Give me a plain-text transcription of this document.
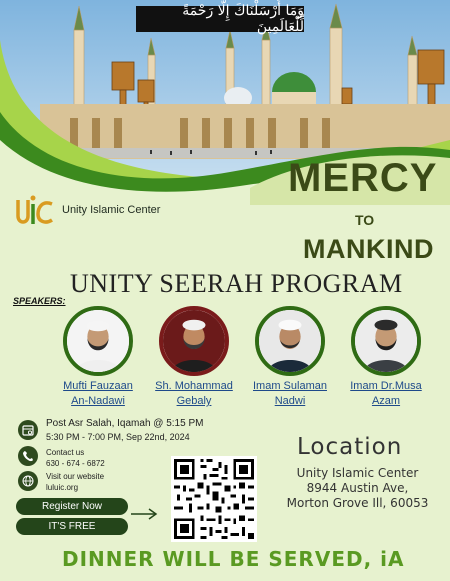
وَمَا أَرْسَلْنَاكَ إِلَّا رَحْمَةً لِّلْعَالَمِينَ
Unity Islamic Center
MERCY
TO
MANKIND
UNITY SEERAH PROGRAM
SPEAKERS:
Mufti Fauzaan
An-Nadawi
Sh. Mohammad
Gebaly
Imam Sulaman
Nadwi
Imam Dr.Musa
Azam
Post Asr Salah, Iqamah @ 5:15 PM
5:30 PM - 7:00 PM, Sep 22nd, 2024
Contact us
630 - 674 - 6872
Visit our website
luluic.org
Register Now
IT'S FREE
Location
Unity Islamic Center
8944 Austin Ave,
Morton Grove Ill, 60053
DINNER WILL BE SERVED, iA
